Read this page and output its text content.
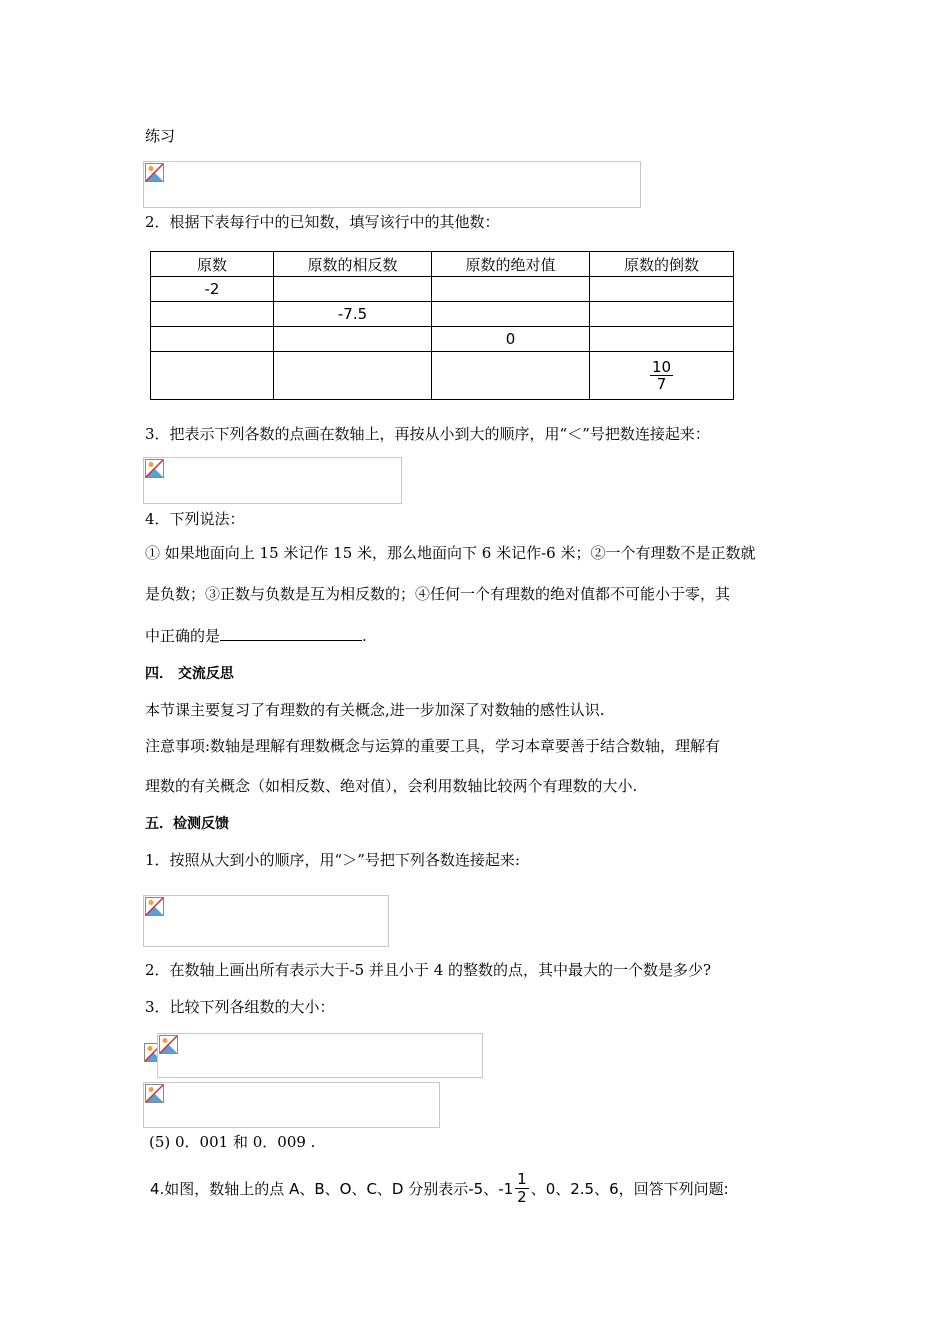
练习
2．根据下表每行中的已知数，填写该行中的其他数：
原数	原数的相反数	原数的绝对值	原数的倒数
-2			
	-7.5		
		0	

			$\frac{10}{7}$
3．把表示下列各数的点画在数轴上，再按从小到大的顺序，用“＜”号把数连接起来：
4．下列说法：
① 如果地面向上 15 米记作 15 米，那么地面向下 6 米记作-6 米；②一个有理数不是正数就
是负数；③正数与负数是互为相反数的；④任何一个有理数的绝对值都不可能小于零，其
中正确的是	.
四． 交流反思
本节课主要复习了有理数的有关概念,进一步加深了对数轴的感性认识.
注意事项:数轴是理解有理数概念与运算的重要工具，学习本章要善于结合数轴，理解有
理数的有关概念（如相反数、绝对值），会利用数轴比较两个有理数的大小.
五．检测反馈
1．按照从大到小的顺序，用“＞”号把下列各数连接起来:
2．在数轴上画出所有表示大于-5 并且小于 4 的整数的点，其中最大的一个数是多少?
3．比较下列各组数的大小：
(5) 0．001 和 0．009 .
4.如图，数轴上的点 A、B、O、C、D 分别表示-5、$-1 \frac{1}{2}$ 、0、2.5、6，回答下列问题:
